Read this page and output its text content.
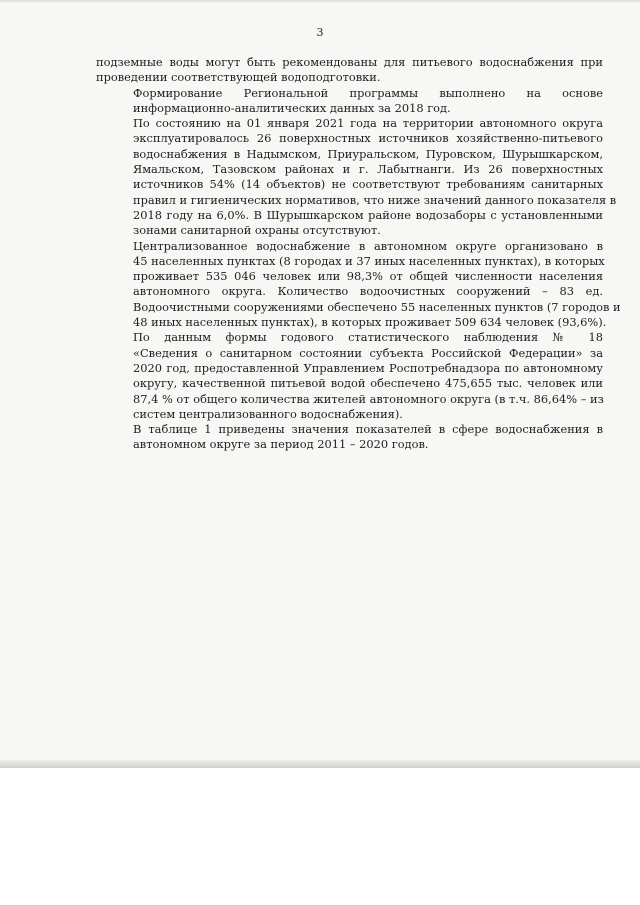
3
подземные воды могут быть рекомендованы для питьевого водоснабжения при
проведении соответствующей водоподготовки.
Формирование Региональной программы выполнено на основе
информационно-аналитических данных за 2018 год.
По состоянию на 01 января 2021 года на территории автономного округа
эксплуатировалось 26 поверхностных источников хозяйственно-питьевого
водоснабжения в Надымском, Приуральском, Пуровском, Шурышкарском,
Ямальском, Тазовском районах и г. Лабытнанги. Из 26 поверхностных
источников 54% (14 объектов) не соответствуют требованиям санитарных
правил и гигиенических нормативов, что ниже значений данного показателя в
2018 году на 6,0%. В Шурышкарском районе водозаборы с установленными
зонами санитарной охраны отсутствуют.
Централизованное водоснабжение в автономном округе организовано в
45 населенных пунктах (8 городах и 37 иных населенных пунктах), в которых
проживает 535 046 человек или 98,3% от общей численности населения
автономного округа. Количество водоочистных сооружений – 83 ед.
Водоочистными сооружениями обеспечено 55 населенных пунктов (7 городов и
48 иных населенных пунктах), в которых проживает 509 634 человек (93,6%).
По данным формы годового статистического наблюдения № 18
«Сведения о санитарном состоянии субъекта Российской Федерации» за
2020 год, предоставленной Управлением Роспотребнадзора по автономному
округу, качественной питьевой водой обеспечено 475,655 тыс. человек или
87,4 % от общего количества жителей автономного округа (в т.ч. 86,64% – из
систем централизованного водоснабжения).
В таблице 1 приведены значения показателей в сфере водоснабжения в
автономном округе за период 2011 – 2020 годов.
